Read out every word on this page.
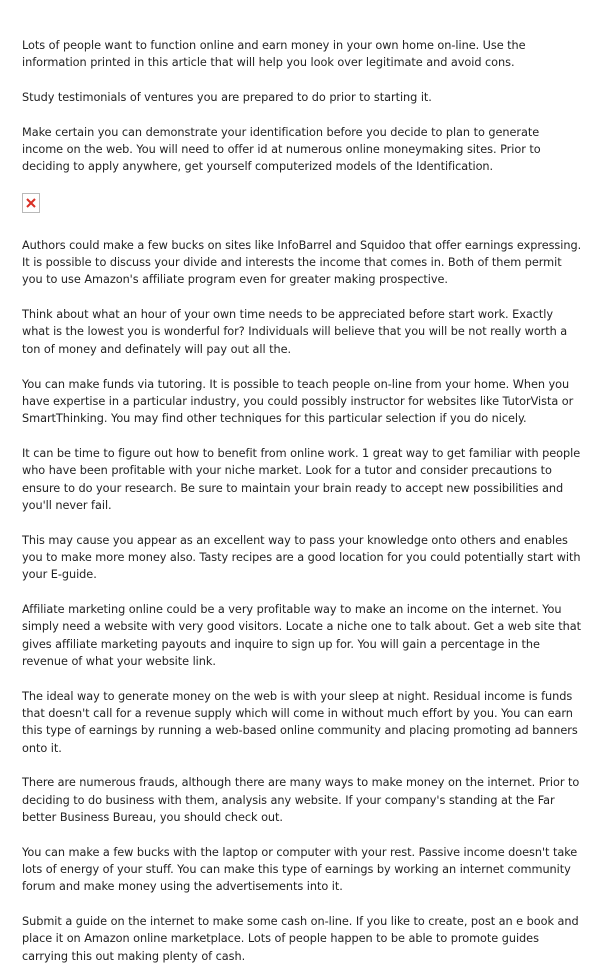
Lots of people want to function online and earn money in your own home on-line. Use the information printed in this article that will help you look over legitimate and avoid cons.

Study testimonials of ventures you are prepared to do prior to starting it.

Make certain you can demonstrate your identification before you decide to plan to generate income on the web. You will need to offer id at numerous online moneymaking sites. Prior to deciding to apply anywhere, get yourself computerized models of the Identification.

Authors could make a few bucks on sites like InfoBarrel and Squidoo that offer earnings expressing. It is possible to discuss your divide and interests the income that comes in. Both of them permit you to use Amazon's affiliate program even for greater making prospective.

Think about what an hour of your own time needs to be appreciated before start work. Exactly what is the lowest you is wonderful for? Individuals will believe that you will be not really worth a ton of money and definately will pay out all the.

You can make funds via tutoring. It is possible to teach people on-line from your home. When you have expertise in a particular industry, you could possibly instructor for websites like TutorVista or SmartThinking. You may find other techniques for this particular selection if you do nicely.

It can be time to figure out how to benefit from online work. 1 great way to get familiar with people who have been profitable with your niche market. Look for a tutor and consider precautions to ensure to do your research. Be sure to maintain your brain ready to accept new possibilities and you'll never fail.

This may cause you appear as an excellent way to pass your knowledge onto others and enables you to make more money also. Tasty recipes are a good location for you could potentially start with your E-guide.

Affiliate marketing online could be a very profitable way to make an income on the internet. You simply need a website with very good visitors. Locate a niche one to talk about. Get a web site that gives affiliate marketing payouts and inquire to sign up for. You will gain a percentage in the revenue of what your website link.

The ideal way to generate money on the web is with your sleep at night. Residual income is funds that doesn't call for a revenue supply which will come in without much effort by you. You can earn this type of earnings by running a web-based online community and placing promoting ad banners onto it.

There are numerous frauds, although there are many ways to make money on the internet. Prior to deciding to do business with them, analysis any website. If your company's standing at the Far better Business Bureau, you should check out.

You can make a few bucks with the laptop or computer with your rest. Passive income doesn't take lots of energy of your stuff. You can make this type of earnings by working an internet community forum and make money using the advertisements into it.

Submit a guide on the internet to make some cash on-line. If you like to create, post an e book and place it on Amazon online marketplace. Lots of people happen to be able to promote guides carrying this out making plenty of cash.
